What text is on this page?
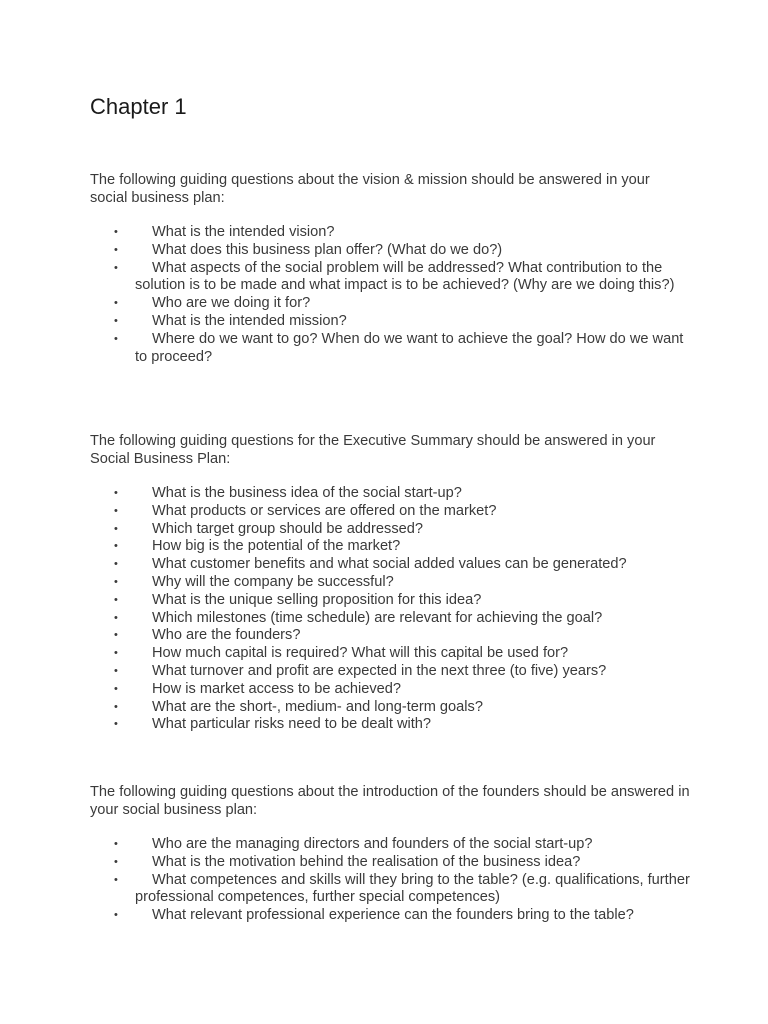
Chapter 1

The following guiding questions about the vision & mission should be answered in your social business plan:

•	What is the intended vision?
•	What does this business plan offer? (What do we do?)
•	What aspects of the social problem will be addressed? What contribution to the solution is to be made and what impact is to be achieved? (Why are we doing this?)
•	Who are we doing it for?
•	What is the intended mission?
•	Where do we want to go? When do we want to achieve the goal? How do we want to proceed?

The following guiding questions for the Executive Summary should be answered in your Social Business Plan:

•	What is the business idea of the social start-up?
•	What products or services are offered on the market?
•	Which target group should be addressed?
•	How big is the potential of the market?
•	What customer benefits and what social added values can be generated?
•	Why will the company be successful?
•	What is the unique selling proposition for this idea?
•	Which milestones (time schedule) are relevant for achieving the goal?
•	Who are the founders?
•	How much capital is required? What will this capital be used for?
•	What turnover and profit are expected in the next three (to five) years?
•	How is market access to be achieved?
•	What are the short-, medium- and long-term goals?
•	What particular risks need to be dealt with?

The following guiding questions about the introduction of the founders should be answered in your social business plan:

•	Who are the managing directors and founders of the social start-up?
•	What is the motivation behind the realisation of the business idea?
•	What competences and skills will they bring to the table? (e.g. qualifications, further professional competences, further special competences)
•	What relevant professional experience can the founders bring to the table?
